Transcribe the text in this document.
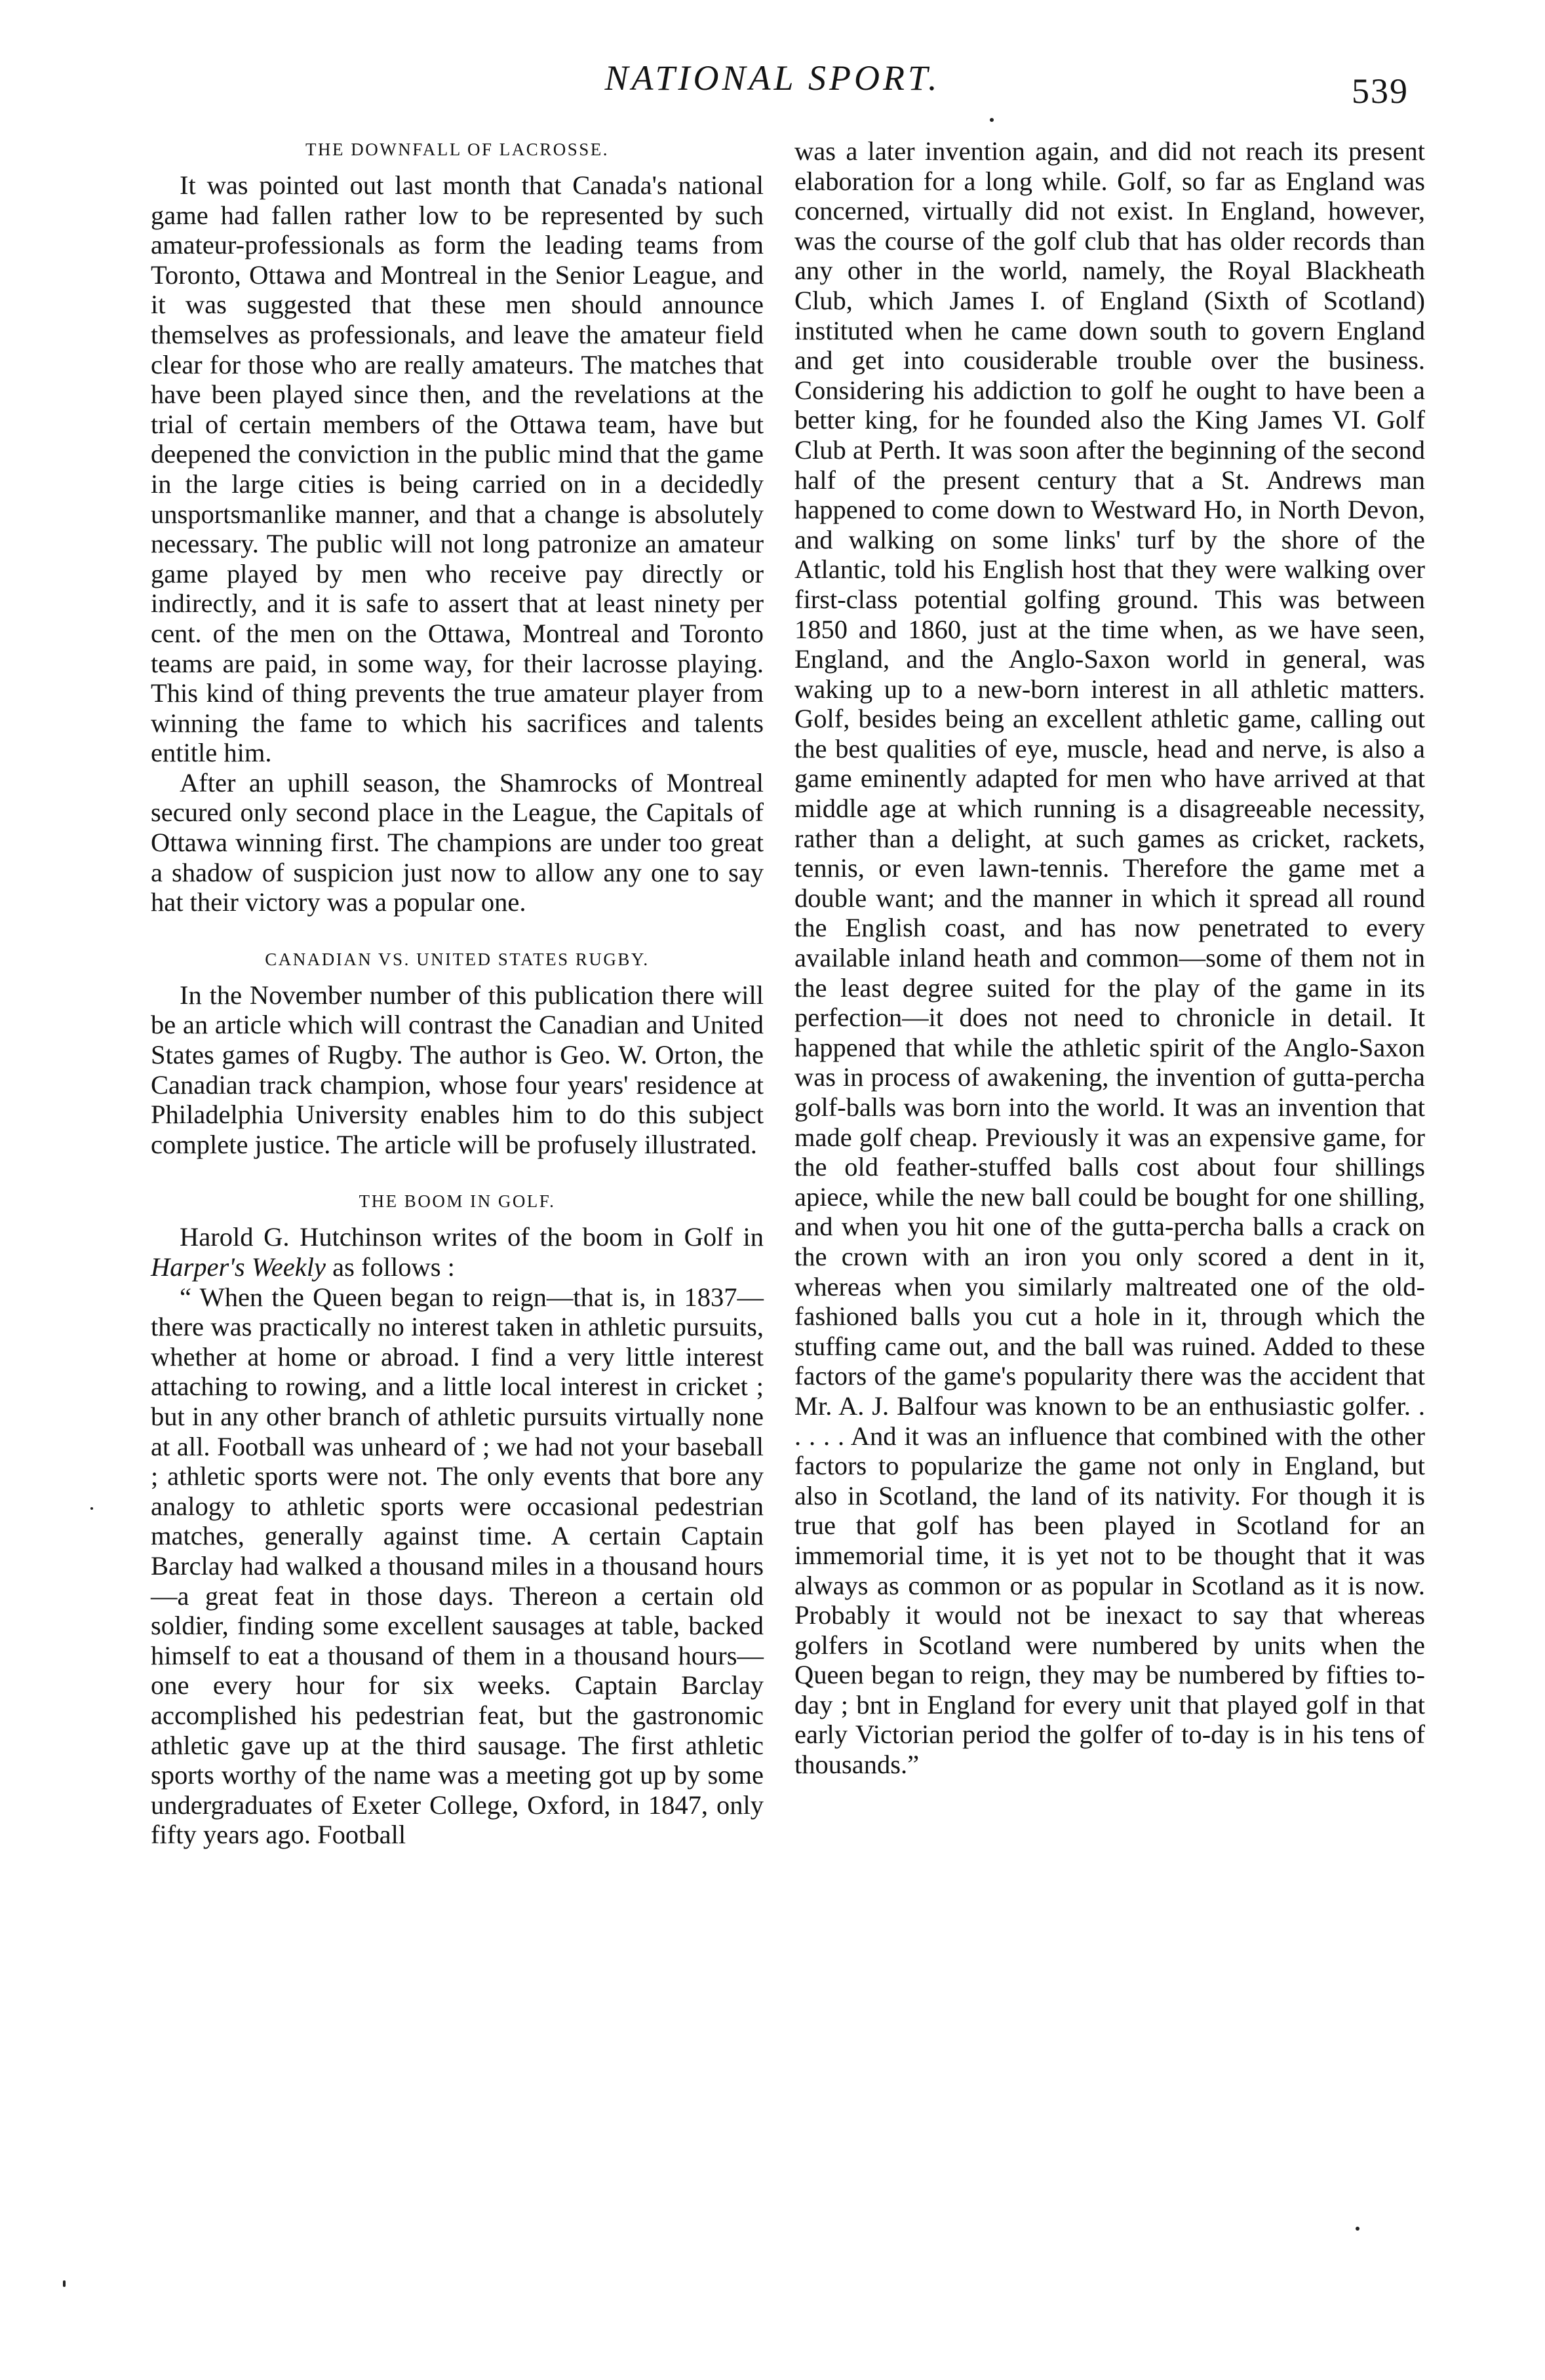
NATIONAL SPORT.	539
THE DOWNFALL OF LACROSSE.

It was pointed out last month that Canada's national game had fallen rather low to be represented by such amateur-professionals as form the leading teams from Toronto, Ottawa and Montreal in the Senior League, and it was suggested that these men should announce themselves as professionals, and leave the amateur field clear for those who are really amateurs. The matches that have been played since then, and the revelations at the trial of certain members of the Ottawa team, have but deepened the conviction in the public mind that the game in the large cities is being carried on in a decidedly unsportsmanlike manner, and that a change is absolutely necessary. The public will not long patronize an amateur game played by men who receive pay directly or indirectly, and it is safe to assert that at least ninety per cent. of the men on the Ottawa, Montreal and Toronto teams are paid, in some way, for their lacrosse playing. This kind of thing prevents the true amateur player from winning the fame to which his sacrifices and talents entitle him.

After an uphill season, the Shamrocks of Montreal secured only second place in the League, the Capitals of Ottawa winning first. The champions are under too great a shadow of suspicion just now to allow any one to say hat their victory was a popular one.

CANADIAN VS. UNITED STATES RUGBY.

In the November number of this publication there will be an article which will contrast the Canadian and United States games of Rugby. The author is Geo. W. Orton, the Canadian track champion, whose four years' residence at Philadelphia University enables him to do this subject complete justice. The article will be profusely illustrated.

THE BOOM IN GOLF.

Harold G. Hutchinson writes of the boom in Golf in Harper's Weekly as follows :

“ When the Queen began to reign—that is, in 1837—there was practically no interest taken in athletic pursuits, whether at home or abroad. I find a very little interest attaching to rowing, and a little local interest in cricket ; but in any other branch of athletic pursuits virtually none at all. Football was unheard of ; we had not your baseball ; athletic sports were not. The only events that bore any analogy to athletic sports were occasional pedestrian matches, generally against time. A certain Captain Barclay had walked a thousand miles in a thousand hours—a great feat in those days. Thereon a certain old soldier, finding some excellent sausages at table, backed himself to eat a thousand of them in a thousand hours—one every hour for six weeks. Captain Barclay accomplished his pedestrian feat, but the gastronomic athletic gave up at the third sausage. The first athletic sports worthy of the name was a meeting got up by some undergraduates of Exeter College, Oxford, in 1847, only fifty years ago. Football

was a later invention again, and did not reach its present elaboration for a long while. Golf, so far as England was concerned, virtually did not exist. In England, however, was the course of the golf club that has older records than any other in the world, namely, the Royal Blackheath Club, which James I. of England (Sixth of Scotland) instituted when he came down south to govern England and get into cousiderable trouble over the business. Considering his addiction to golf he ought to have been a better king, for he founded also the King James VI. Golf Club at Perth. It was soon after the beginning of the second half of the present century that a St. Andrews man happened to come down to Westward Ho, in North Devon, and walking on some links' turf by the shore of the Atlantic, told his English host that they were walking over first-class potential golfing ground. This was between 1850 and 1860, just at the time when, as we have seen, England, and the Anglo-Saxon world in general, was waking up to a new-born interest in all athletic matters. Golf, besides being an excellent athletic game, calling out the best qualities of eye, muscle, head and nerve, is also a game eminently adapted for men who have arrived at that middle age at which running is a disagreeable necessity, rather than a delight, at such games as cricket, rackets, tennis, or even lawn-tennis. Therefore the game met a double want; and the manner in which it spread all round the English coast, and has now penetrated to every available inland heath and common—some of them not in the least degree suited for the play of the game in its perfection—it does not need to chronicle in detail. It happened that while the athletic spirit of the Anglo-Saxon was in process of awakening, the invention of gutta-percha golf-balls was born into the world. It was an invention that made golf cheap. Previously it was an expensive game, for the old feather-stuffed balls cost about four shillings apiece, while the new ball could be bought for one shilling, and when you hit one of the gutta-percha balls a crack on the crown with an iron you only scored a dent in it, whereas when you similarly maltreated one of the old-fashioned balls you cut a hole in it, through which the stuffing came out, and the ball was ruined. Added to these factors of the game's popularity there was the accident that Mr. A. J. Balfour was known to be an enthusiastic golfer. . . . . . And it was an influence that combined with the other factors to popularize the game not only in England, but also in Scotland, the land of its nativity. For though it is true that golf has been played in Scotland for an immemorial time, it is yet not to be thought that it was always as common or as popular in Scotland as it is now. Probably it would not be inexact to say that whereas golfers in Scotland were numbered by units when the Queen began to reign, they may be numbered by fifties to-day ; bnt in England for every unit that played golf in that early Victorian period the golfer of to-day is in his tens of thousands.”
